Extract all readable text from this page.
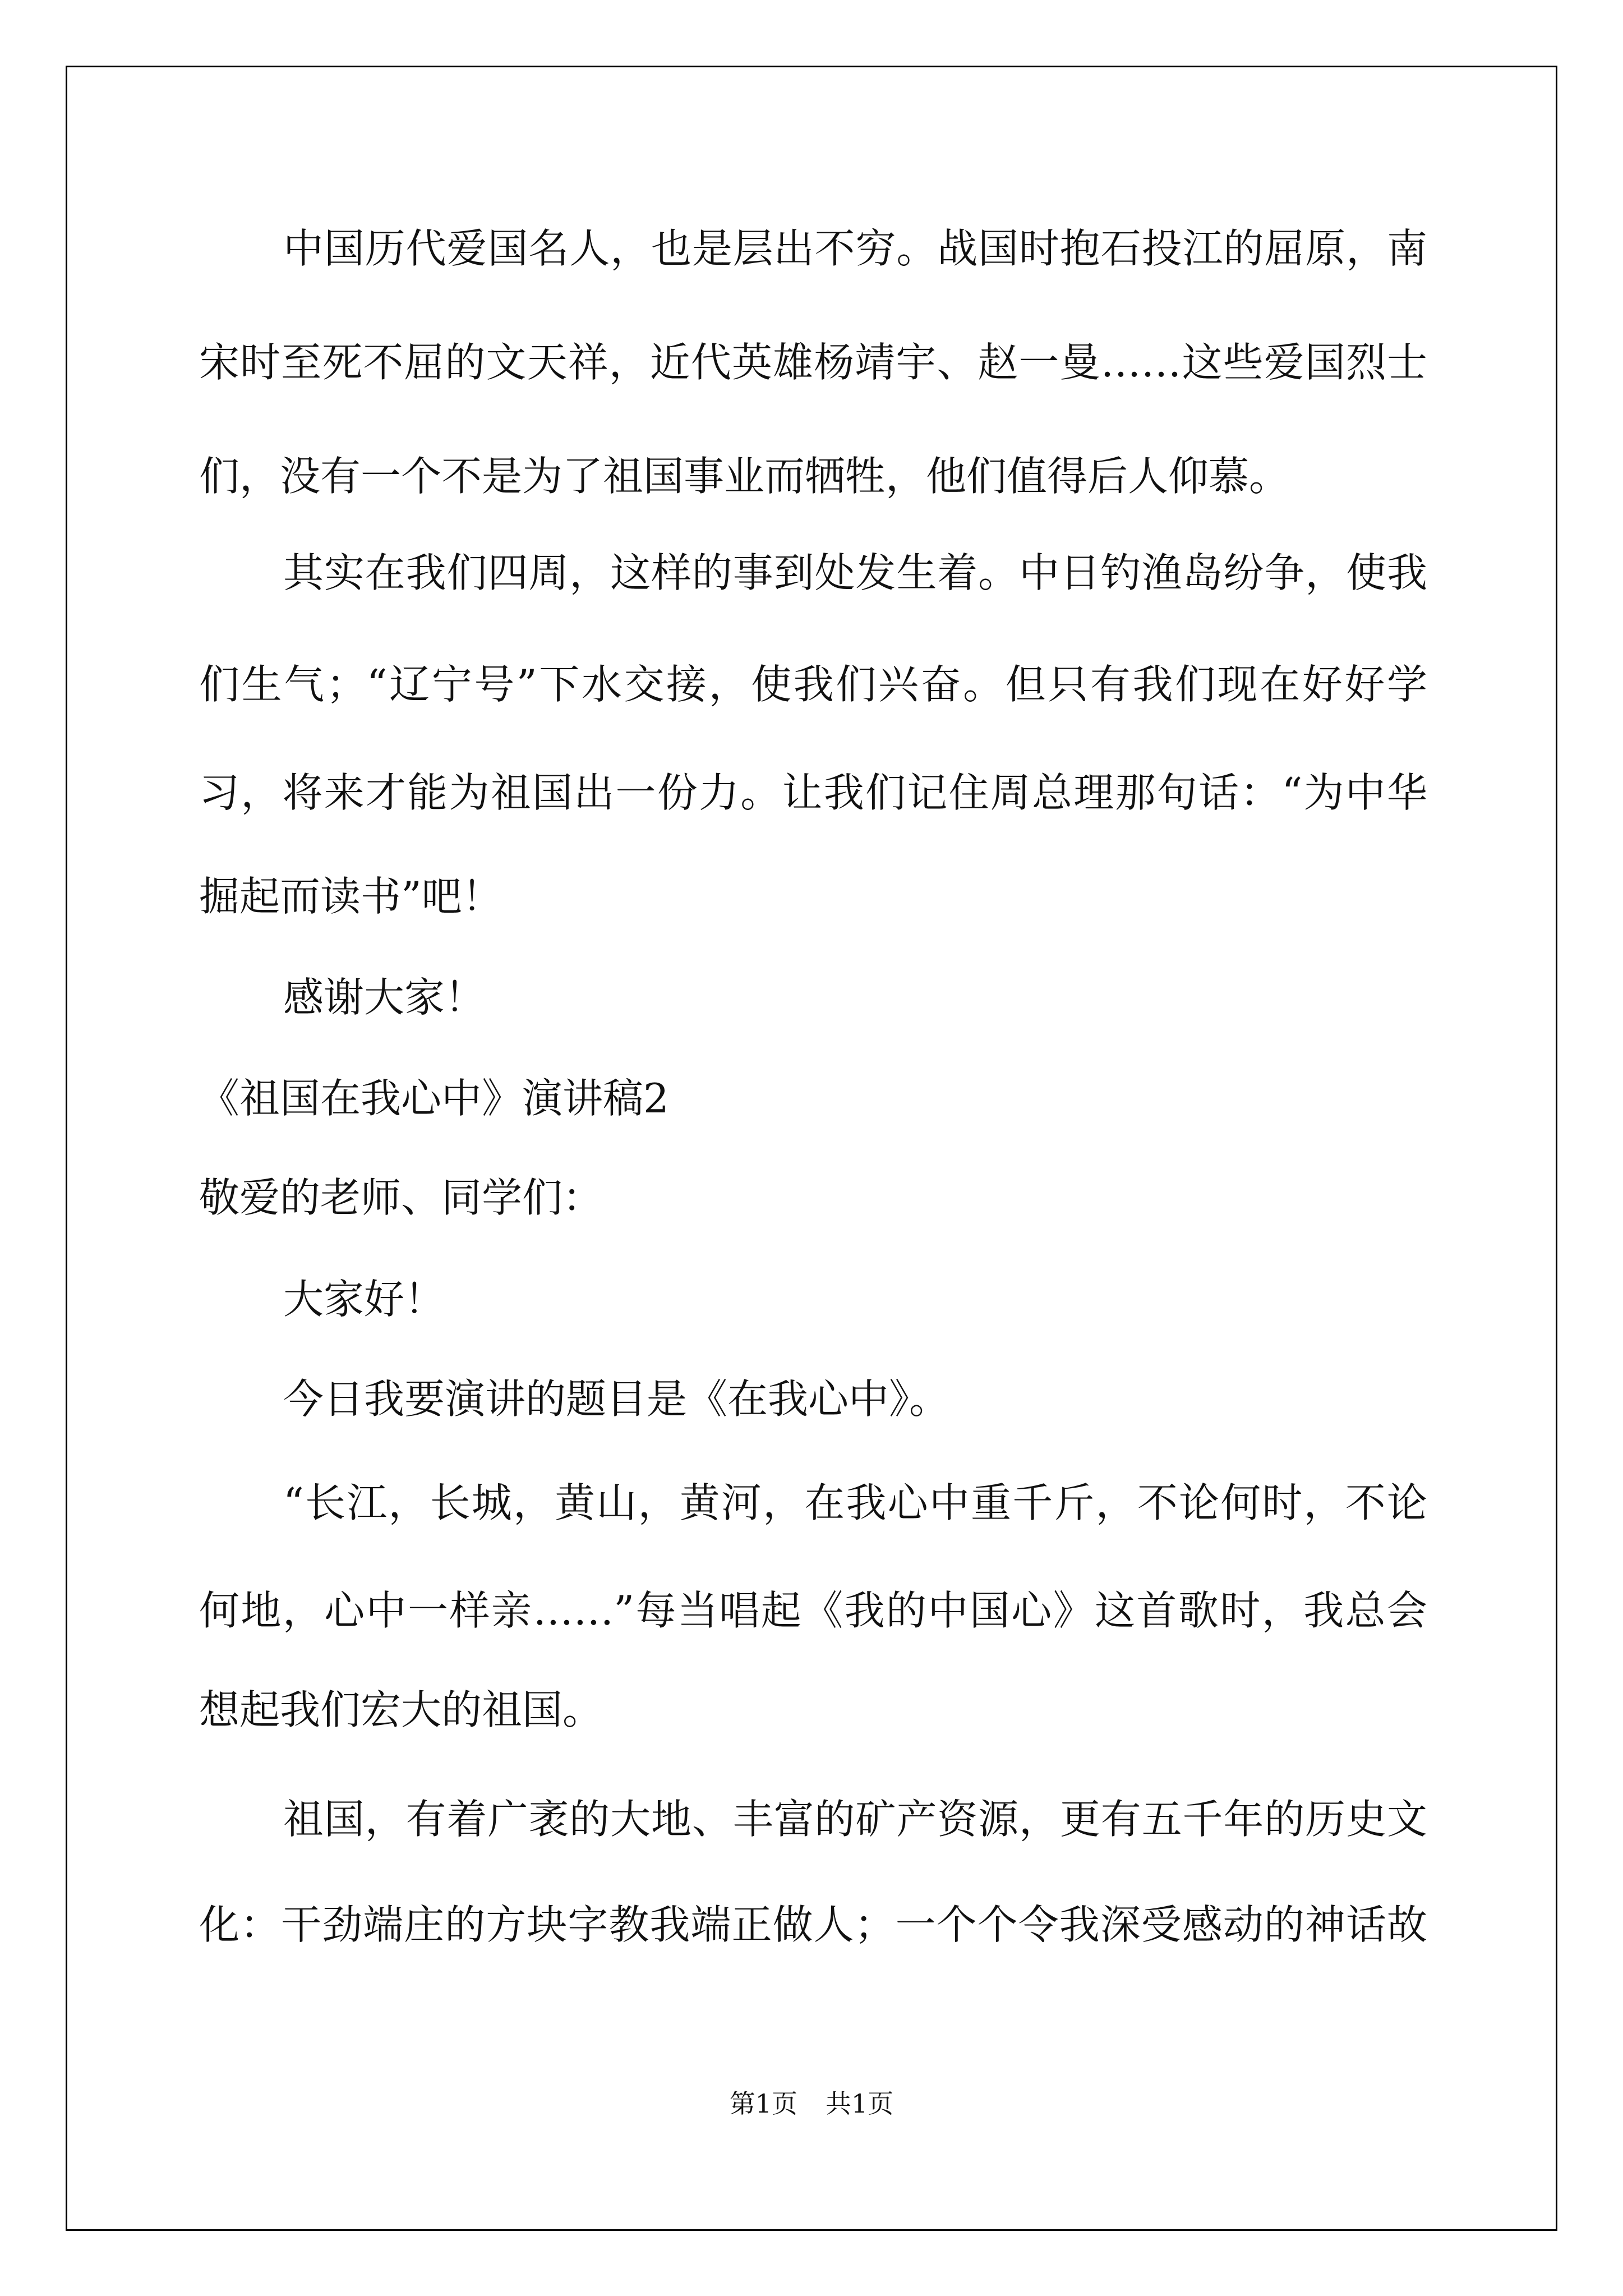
中国历代爱国名人，也是层出不穷。战国时抱石投江的屈原，南
宋时至死不屈的文天祥，近代英雄杨靖宇、赵一曼……这些爱国烈士
们，没有一个不是为了祖国事业而牺牲，他们值得后人仰慕。
其实在我们四周，这样的事到处发生着。中日钓渔岛纷争，使我
们生气；“辽宁号”下水交接，使我们兴奋。但只有我们现在好好学
习，将来才能为祖国出一份力。让我们记住周总理那句话：“为中华
掘起而读书”吧！
感谢大家！
《祖国在我心中》演讲稿2
敬爱的老师、同学们：
大家好！
今日我要演讲的题目是《在我心中》。
“长江，长城，黄山，黄河，在我心中重千斤，不论何时，不论
何地，心中一样亲……”每当唱起《我的中国心》这首歌时，我总会
想起我们宏大的祖国。
祖国，有着广袤的大地、丰富的矿产资源，更有五千年的历史文
化：干劲端庄的方块字教我端正做人；一个个令我深受感动的神话故
第1页 共1页
